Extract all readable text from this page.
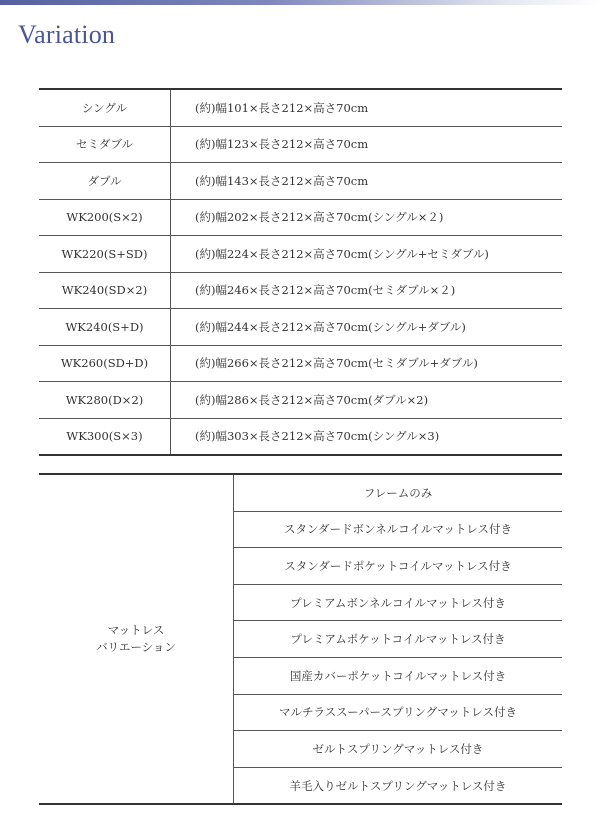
Variation
シングル	(約)幅101×長さ212×高さ70cm
セミダブル	(約)幅123×長さ212×高さ70cm
ダブル	(約)幅143×長さ212×高さ70cm
WK200(S×2)	(約)幅202×長さ212×高さ70cm(シングル×２)
WK220(S+SD)	(約)幅224×長さ212×高さ70cm(シングル+セミダブル)
WK240(SD×2)	(約)幅246×長さ212×高さ70cm(セミダブル×２)
WK240(S+D)	(約)幅244×長さ212×高さ70cm(シングル+ダブル)
WK260(SD+D)	(約)幅266×長さ212×高さ70cm(セミダブル+ダブル)
WK280(D×2)	(約)幅286×長さ212×高さ70cm(ダブル×2)
WK300(S×3)	(約)幅303×長さ212×高さ70cm(シングル×3)
マットレス
バリエーション
	フレームのみ
スタンダードボンネルコイルマットレス付き
スタンダードポケットコイルマットレス付き
プレミアムボンネルコイルマットレス付き
プレミアムポケットコイルマットレス付き
国産カバーポケットコイルマットレス付き
マルチラススーパースプリングマットレス付き
ゼルトスプリングマットレス付き
羊毛入りゼルトスプリングマットレス付き
